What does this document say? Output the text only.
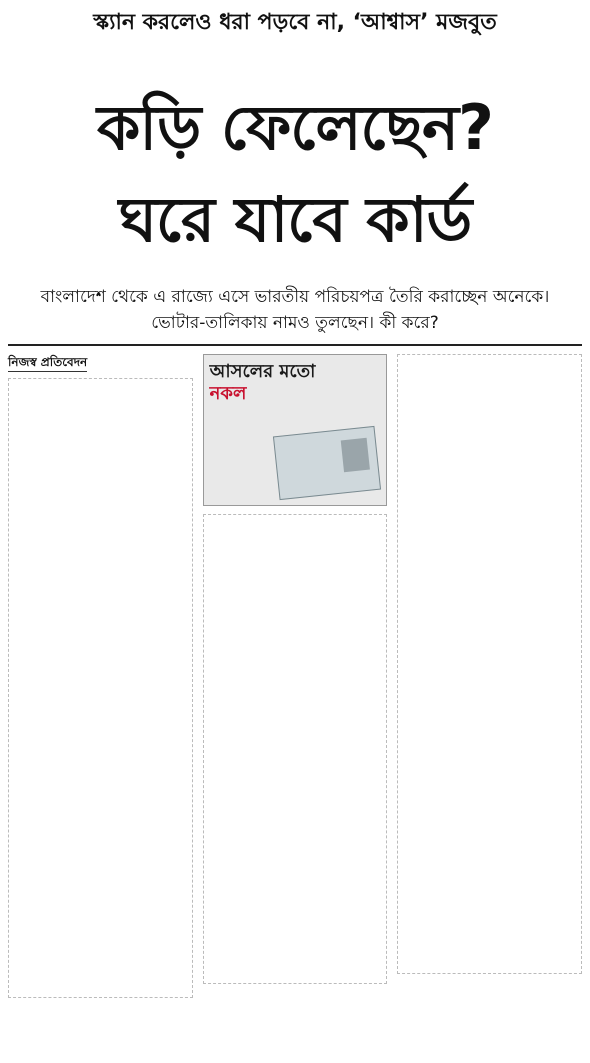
স্ক্যান করলেও ধরা পড়বে না, ‘আশ্বাস’ মজবুত
কড়ি ফেলেছেন?
ঘরে যাবে কার্ড
বাংলাদেশ থেকে এ রাজ্যে এসে ভারতীয় পরিচয়পত্র তৈরি করাচ্ছেন অনেকে। ভোটার-তালিকায় নামও তুলছেন। কী করে?
নিজস্ব প্রতিবেদন	আসলের মতো
নকল
